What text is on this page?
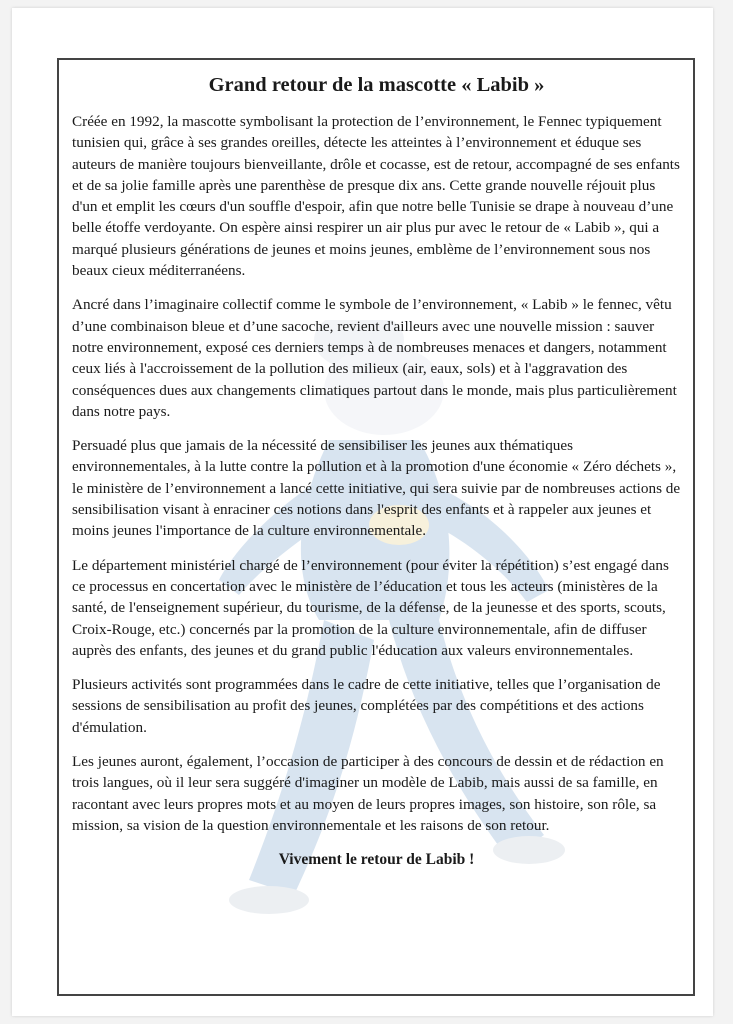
Grand retour de la mascotte « Labib »

Créée en 1992, la mascotte symbolisant la protection de l’environnement, le Fennec typiquement tunisien qui, grâce à ses grandes oreilles, détecte les atteintes à l’environnement et éduque ses auteurs de manière toujours bienveillante, drôle et cocasse, est de retour, accompagné de ses enfants et de sa jolie famille après une parenthèse de presque dix ans. Cette grande nouvelle réjouit plus d'un et emplit les cœurs d'un souffle d'espoir, afin que notre belle Tunisie se drape à nouveau d’une belle étoffe verdoyante. On espère ainsi respirer un air plus pur avec le retour de « Labib », qui a marqué plusieurs générations de jeunes et moins jeunes, emblème de l’environnement sous nos beaux cieux méditerranéens.

Ancré dans l’imaginaire collectif comme le symbole de l’environnement, « Labib » le fennec, vêtu d’une combinaison bleue et d’une sacoche, revient d'ailleurs avec une nouvelle mission : sauver notre environnement, exposé ces derniers temps à de nombreuses menaces et dangers, notamment ceux liés à l'accroissement de la pollution des milieux (air, eaux, sols) et à l'aggravation des conséquences dues aux changements climatiques partout dans le monde, mais plus particulièrement dans notre pays.

Persuadé plus que jamais de la nécessité de sensibiliser les jeunes aux thématiques environnementales, à la lutte contre la pollution et à la promotion d'une économie « Zéro déchets », le ministère de l’environnement a lancé cette initiative, qui sera suivie par de nombreuses actions de sensibilisation visant à enraciner ces notions dans l'esprit des enfants et à rappeler aux jeunes et moins jeunes l'importance de la culture environnementale.

Le département ministériel chargé de l’environnement (pour éviter la répétition) s’est engagé dans ce processus en concertation avec le ministère de l’éducation et tous les acteurs (ministères de la santé, de l'enseignement supérieur, du tourisme, de la défense, de la jeunesse et des sports, scouts, Croix-Rouge, etc.) concernés par la promotion de la culture environnementale, afin de diffuser auprès des enfants, des jeunes et du grand public l'éducation aux valeurs environnementales.

Plusieurs activités sont programmées dans le cadre de cette initiative, telles que l’organisation de sessions de sensibilisation au profit des jeunes, complétées par des compétitions et des actions d'émulation.

Les jeunes auront, également, l’occasion de participer à des concours de dessin et de rédaction en trois langues, où il leur sera suggéré d'imaginer un modèle de Labib, mais aussi de sa famille, en racontant avec leurs propres mots et au moyen de leurs propres images, son histoire, son rôle, sa mission, sa vision de la question environnementale et les raisons de son retour.

Vivement le retour de Labib !
